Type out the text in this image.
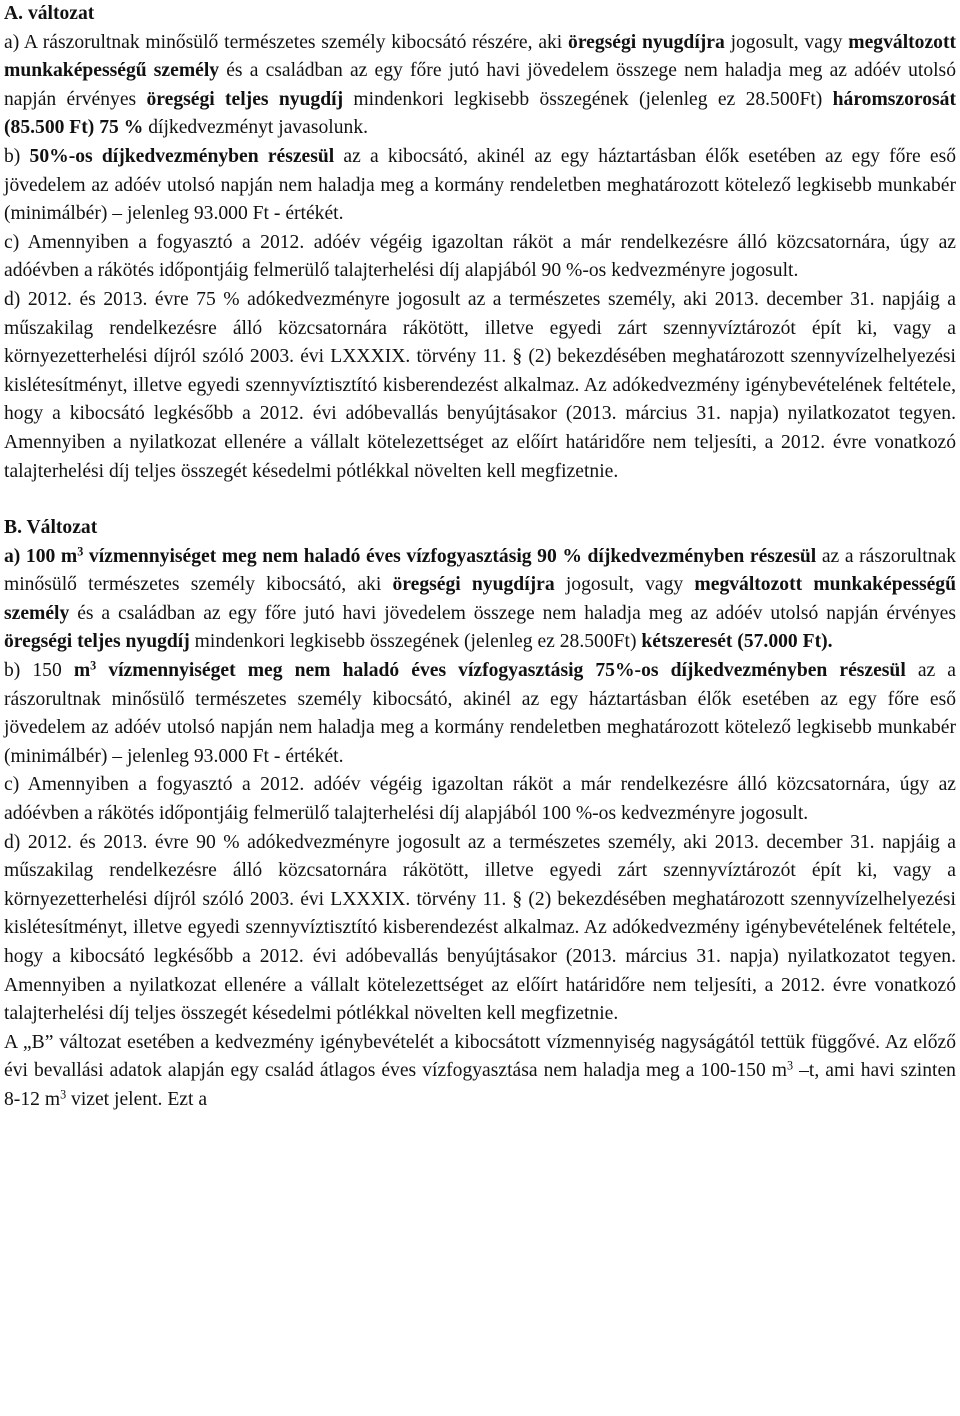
A. változat

a) A rászorultnak minősülő természetes személy kibocsátó részére, aki öregségi nyugdíjra jogosult, vagy megváltozott munkaképességű személy és a családban az egy főre jutó havi jövedelem összege nem haladja meg az adóév utolsó napján érvényes öregségi teljes nyugdíj mindenkori legkisebb összegének (jelenleg ez 28.500Ft) háromszorosát (85.500 Ft) 75 % díjkedvezményt javasolunk.

b) 50%-os díjkedvezményben részesül az a kibocsátó, akinél az egy háztartásban élők esetében az egy főre eső jövedelem az adóév utolsó napján nem haladja meg a kormány rendeletben meghatározott kötelező legkisebb munkabér (minimálbér) – jelenleg 93.000 Ft - értékét.

c) Amennyiben a fogyasztó a 2012. adóév végéig igazoltan ráköt a már rendelkezésre álló közcsatornára, úgy az adóévben a rákötés időpontjáig felmerülő talajterhelési díj alapjából 90 %-os kedvezményre jogosult.

d) 2012. és 2013. évre 75 % adókedvezményre jogosult az a természetes személy, aki 2013. december 31. napjáig a műszakilag rendelkezésre álló közcsatornára rákötött, illetve egyedi zárt szennyvíztározót épít ki, vagy a környezetterhelési díjról szóló 2003. évi LXXXIX. törvény 11. § (2) bekezdésében meghatározott szennyvízelhelyezési kislétesítményt, illetve egyedi szennyvíztisztító kisberendezést alkalmaz. Az adókedvezmény igénybevételének feltétele, hogy a kibocsátó legkésőbb a 2012. évi adóbevallás benyújtásakor (2013. március 31. napja) nyilatkozatot tegyen. Amennyiben a nyilatkozat ellenére a vállalt kötelezettséget az előírt határidőre nem teljesíti, a 2012. évre vonatkozó talajterhelési díj teljes összegét késedelmi pótlékkal növelten kell megfizetnie.

B. Változat

a) 100 $m^3$ vízmennyiséget meg nem haladó éves vízfogyasztásig 90 % díjkedvezményben részesül az a rászorultnak minősülő természetes személy kibocsátó, aki öregségi nyugdíjra jogosult, vagy megváltozott munkaképességű személy és a családban az egy főre jutó havi jövedelem összege nem haladja meg az adóév utolsó napján érvényes öregségi teljes nyugdíj mindenkori legkisebb összegének (jelenleg ez 28.500Ft) kétszeresét (57.000 Ft).

b) 150 $m^3$ vízmennyiséget meg nem haladó éves vízfogyasztásig 75%-os díjkedvezményben részesül az a rászorultnak minősülő természetes személy kibocsátó, akinél az egy háztartásban élők esetében az egy főre eső jövedelem az adóév utolsó napján nem haladja meg a kormány rendeletben meghatározott kötelező legkisebb munkabér (minimálbér) – jelenleg 93.000 Ft - értékét.

c) Amennyiben a fogyasztó a 2012. adóév végéig igazoltan ráköt a már rendelkezésre álló közcsatornára, úgy az adóévben a rákötés időpontjáig felmerülő talajterhelési díj alapjából 100 %-os kedvezményre jogosult.

d) 2012. és 2013. évre 90 % adókedvezményre jogosult az a természetes személy, aki 2013. december 31. napjáig a műszakilag rendelkezésre álló közcsatornára rákötött, illetve egyedi zárt szennyvíztározót épít ki, vagy a környezetterhelési díjról szóló 2003. évi LXXXIX. törvény 11. § (2) bekezdésében meghatározott szennyvízelhelyezési kislétesítményt, illetve egyedi szennyvíztisztító kisberendezést alkalmaz. Az adókedvezmény igénybevételének feltétele, hogy a kibocsátó legkésőbb a 2012. évi adóbevallás benyújtásakor (2013. március 31. napja) nyilatkozatot tegyen. Amennyiben a nyilatkozat ellenére a vállalt kötelezettséget az előírt határidőre nem teljesíti, a 2012. évre vonatkozó talajterhelési díj teljes összegét késedelmi pótlékkal növelten kell megfizetnie.

A „B” változat esetében a kedvezmény igénybevételét a kibocsátott vízmennyiség nagyságától tettük függővé. Az előző évi bevallási adatok alapján egy család átlagos éves vízfogyasztása nem haladja meg a 100-150 $m^3$ –t, ami havi szinten 8-12 $m^3$ vizet jelent. Ezt a
